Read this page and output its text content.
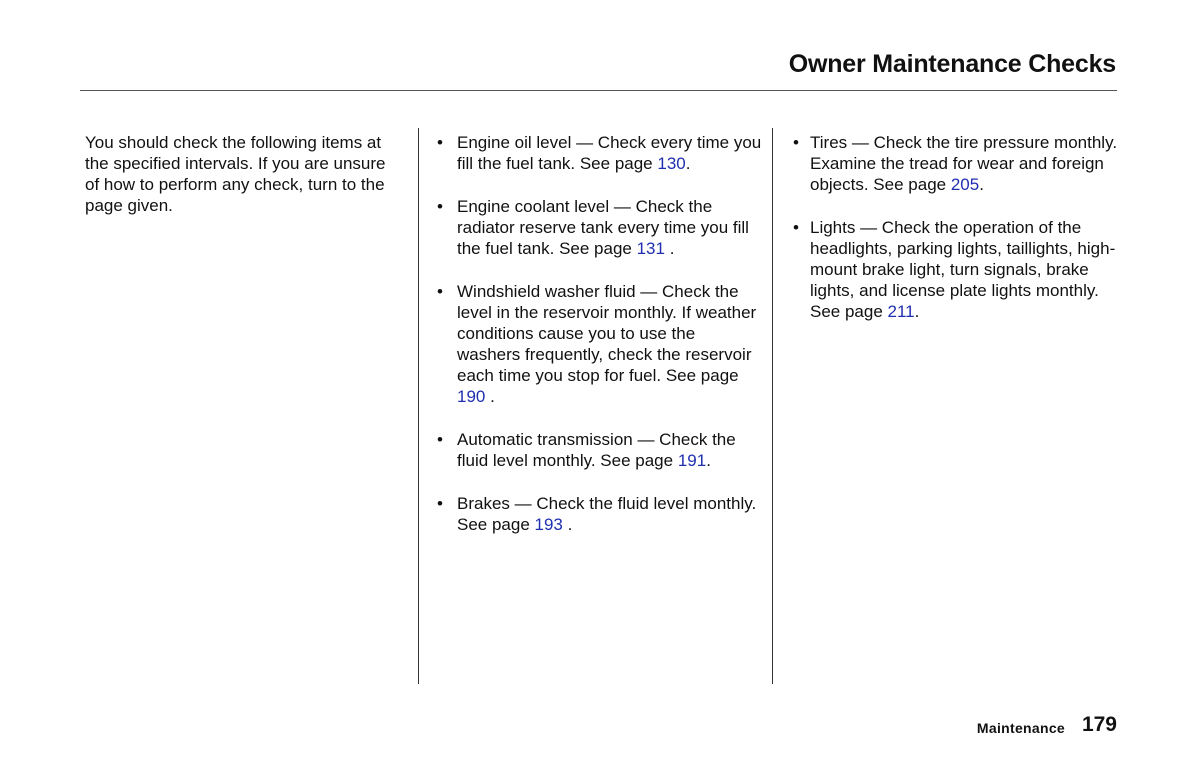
Owner Maintenance Checks

You should check the following items at the specified intervals. If you are unsure of how to perform any check, turn to the page given.

• Engine oil level — Check every time you fill the fuel tank. See page 130.
• Engine coolant level — Check the radiator reserve tank every time you fill the fuel tank. See page 131 .
• Windshield washer fluid — Check the level in the reservoir monthly. If weather conditions cause you to use the washers frequently, check the reservoir each time you stop for fuel. See page 190 .
• Automatic transmission — Check the fluid level monthly. See page 191.
• Brakes — Check the fluid level monthly. See page 193 .
• Tires — Check the tire pressure monthly. Examine the tread for wear and foreign objects. See page 205.
• Lights — Check the operation of the headlights, parking lights, taillights, high-mount brake light, turn signals, brake lights, and license plate lights monthly. See page 211.
Maintenance 179
